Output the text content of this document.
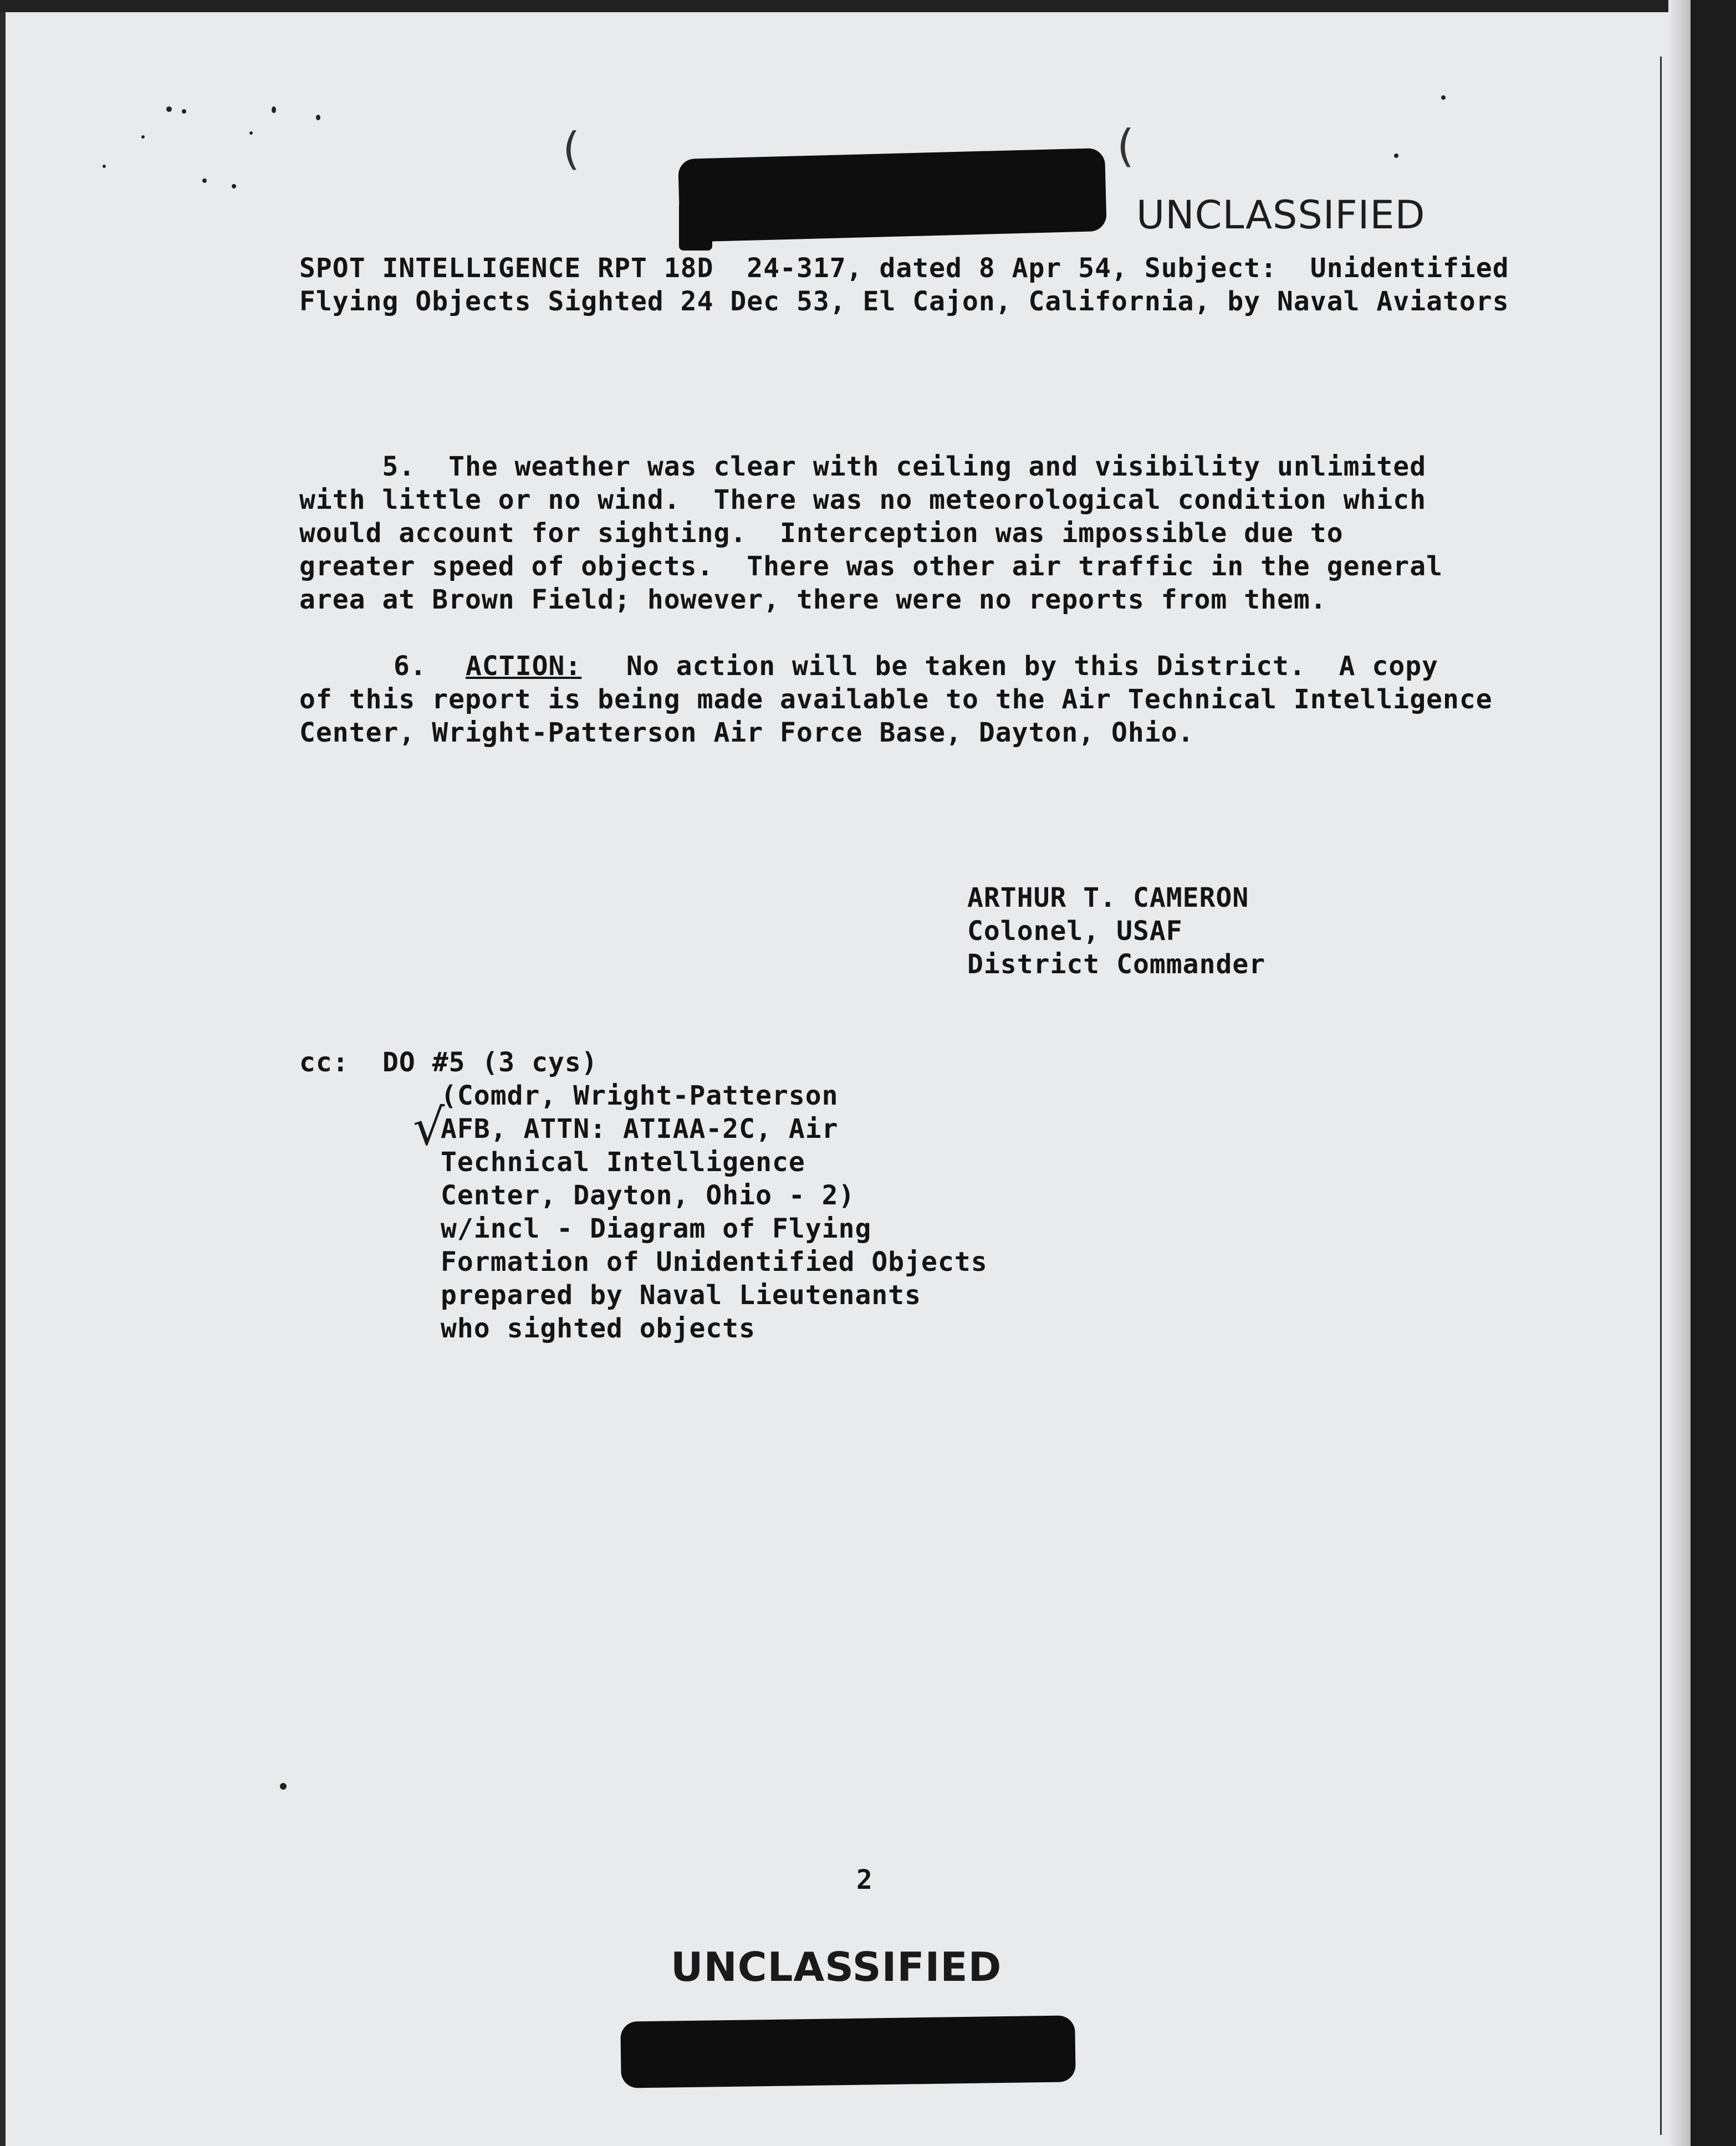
(	(
UNCLASSIFIED
SPOT INTELLIGENCE RPT 18D  24-317, dated 8 Apr 54, Subject:  Unidentified
Flying Objects Sighted 24 Dec 53, El Cajon, California, by Naval Aviators
5.  The weather was clear with ceiling and visibility unlimited
with little or no wind.  There was no meteorological condition which
would account for sighting.  Interception was impossible due to
greater speed of objects.  There was other air traffic in the general
area at Brown Field; however, there were no reports from them.
6. ACTION: No action will be taken by this District.  A copy
of this report is being made available to the Air Technical Intelligence
Center, Wright-Patterson Air Force Base, Dayton, Ohio.
ARTHUR T. CAMERON
Colonel, USAF
District Commander
cc: DO #5 (3 cys)
√
(Comdr, Wright-Patterson
AFB, ATTN: ATIAA-2C, Air
Technical Intelligence
Center, Dayton, Ohio - 2)
w/incl - Diagram of Flying
Formation of Unidentified Objects
prepared by Naval Lieutenants
who sighted objects
2
UNCLASSIFIED
